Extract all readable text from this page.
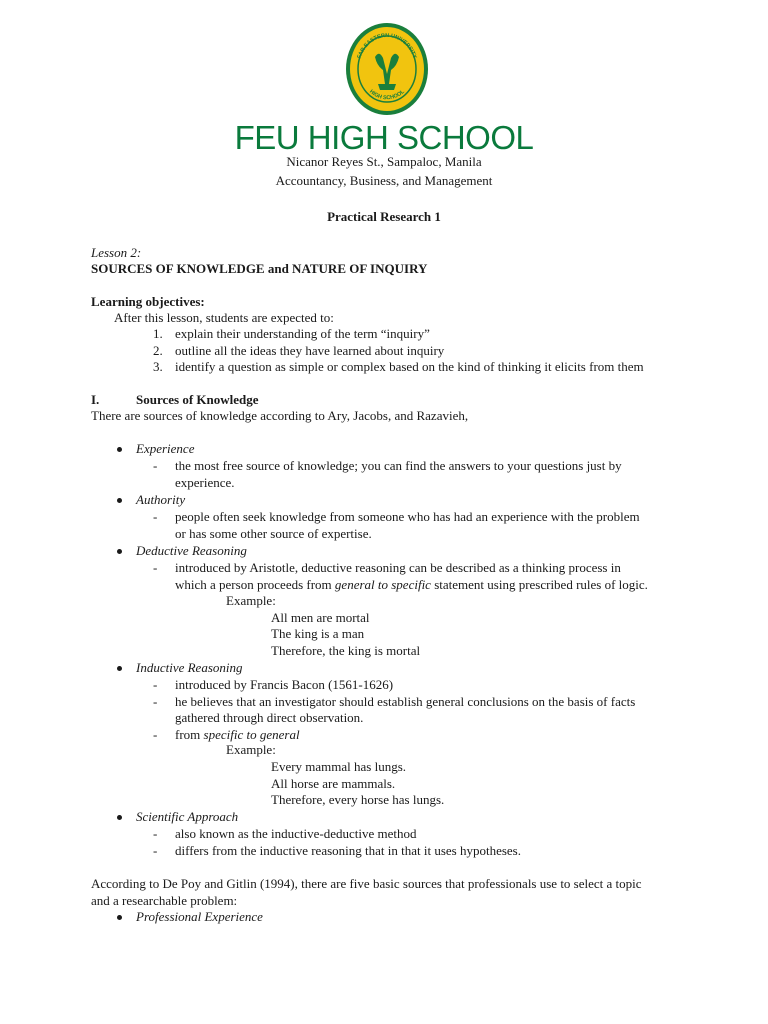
FAR EASTERN UNIVERSITY
HIGH SCHOOL
FEU HIGH SCHOOL

Nicanor Reyes St., Sampaloc, Manila

Accountancy, Business, and Management

Practical Research 1

Lesson 2:

SOURCES OF KNOWLEDGE and NATURE OF INQUIRY

Learning objectives:

After this lesson, students are expected to:

1. explain their understanding of the term “inquiry”
2. outline all the ideas they have learned about inquiry
3. identify a question as simple or complex based on the kind of thinking it elicits from them
I.	Sources of Knowledge

There are sources of knowledge according to Ary, Jacobs, and Razavieh,

Experience
- the most free source of knowledge; you can find the answers to your questions just by
experience.
Authority
- people often seek knowledge from someone who has had an experience with the problem
or has some other source of expertise.
Deductive Reasoning
- introduced by Aristotle, deductive reasoning can be described as a thinking process in
which a person proceeds from general to specific statement using prescribed rules of logic.
Example:
All men are mortal
The king is a man
Therefore, the king is mortal
Inductive Reasoning
- introduced by Francis Bacon (1561-1626)
- he believes that an investigator should establish general conclusions on the basis of facts
gathered through direct observation.
- from specific to general
Example:
Every mammal has lungs.
All horse are mammals.
Therefore, every horse has lungs.
Scientific Approach
- also known as the inductive-deductive method
- differs from the inductive reasoning that in that it uses hypotheses.

According to De Poy and Gitlin (1994), there are five basic sources that professionals use to select a topic

and a researchable problem:

Professional Experience
